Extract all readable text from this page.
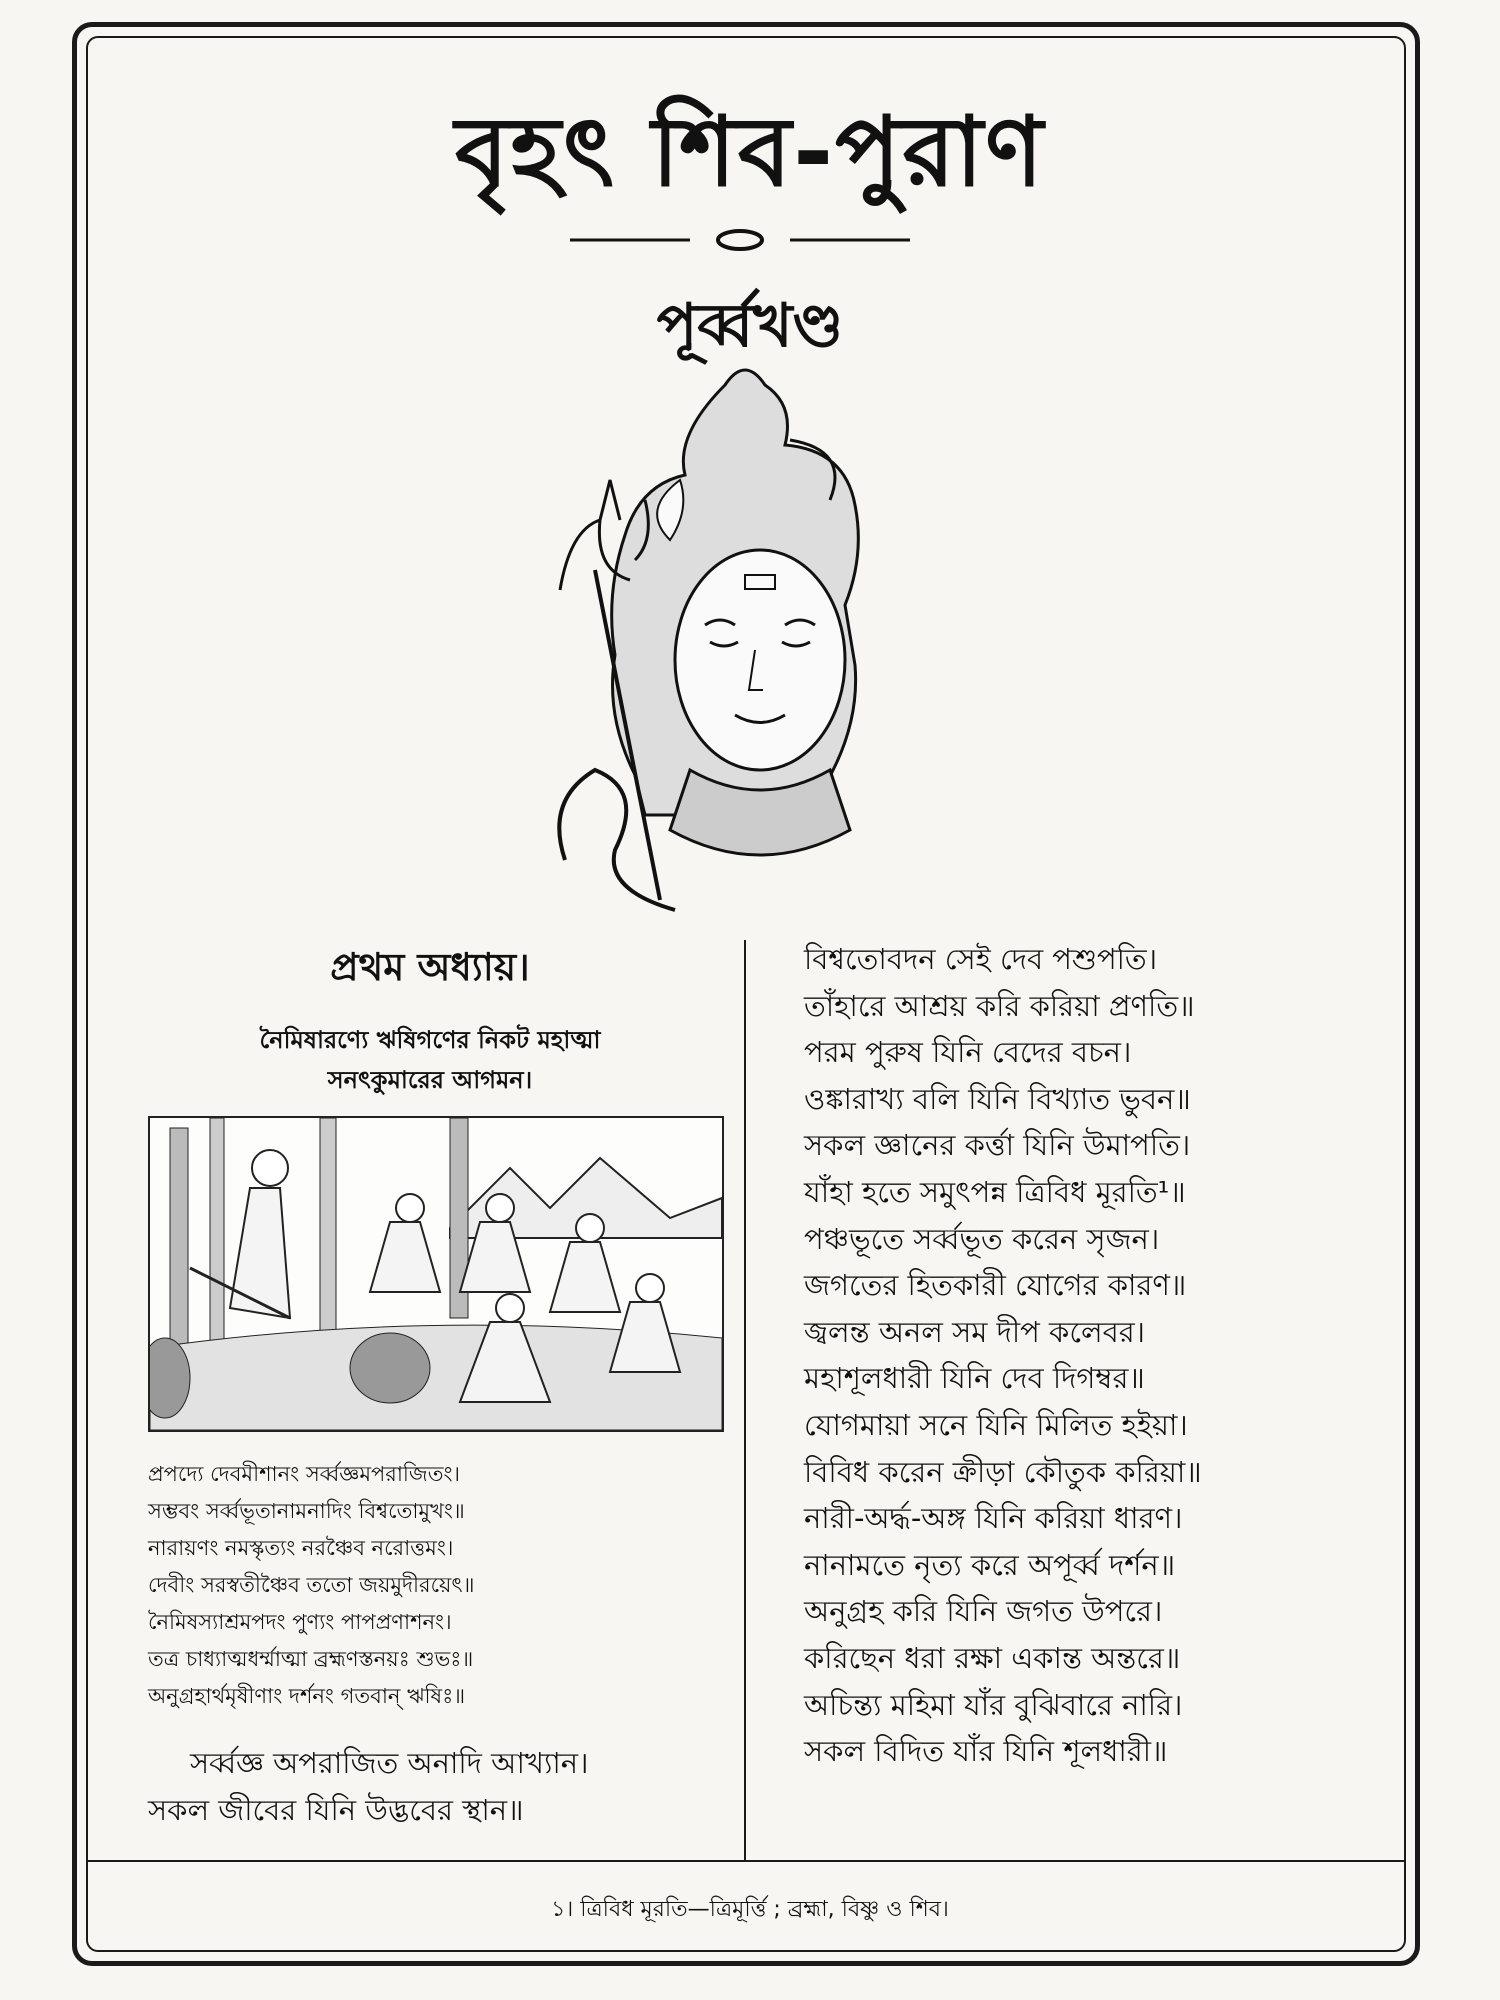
বৃহৎ শিব-পুরাণ
পূর্ব্বখণ্ড
প্রথম অধ্যায়।
নৈমিষারণ্যে ঋষিগণের নিকট মহাত্মা
সনৎকুমারের আগমন।
প্রপদ্যে দেবমীশানং সর্ব্বজ্ঞমপরাজিতং।
সম্ভবং সর্ব্বভূতানামনাদিং বিশ্বতোমুখং॥
নারায়ণং নমস্কৃত্যং নরঞ্চৈব নরোত্তমং।
দেবীং সরস্বতীঞ্চৈব ততো জয়মুদীরয়েৎ॥
নৈমিষস্যাশ্রমপদং পুণ্যং পাপপ্রণাশনং।
তত্র চাধ্যাত্মধর্ম্মাত্মা ব্রহ্মণস্তনয়ঃ শুভঃ॥
অনুগ্রহার্থমৃষীণাং দর্শনং গতবান্ ঋষিঃ॥
সর্ব্বজ্ঞ অপরাজিত অনাদি আখ্যান।
সকল জীবের যিনি উদ্ভবের স্থান॥
বিশ্বতোবদন সেই দেব পশুপতি।
তাঁহারে আশ্রয় করি করিয়া প্রণতি॥
পরম পুরুষ যিনি বেদের বচন।
ওঙ্কারাখ্য বলি যিনি বিখ্যাত ভুবন॥
সকল জ্ঞানের কর্ত্তা যিনি উমাপতি।
যাঁহা হতে সমুৎপন্ন ত্রিবিধ মূরতি¹॥
পঞ্চভূতে সর্ব্বভূত করেন সৃজন।
জগতের হিতকারী যোগের কারণ॥
জ্বলন্ত অনল সম দীপ কলেবর।
মহাশূলধারী যিনি দেব দিগম্বর॥
যোগমায়া সনে যিনি মিলিত হইয়া।
বিবিধ করেন ক্রীড়া কৌতুক করিয়া॥
নারী-অর্দ্ধ-অঙ্গ যিনি করিয়া ধারণ।
নানামতে নৃত্য করে অপূর্ব্ব দর্শন॥
অনুগ্রহ করি যিনি জগত উপরে।
করিছেন ধরা রক্ষা একান্ত অন্তরে॥
অচিন্ত্য মহিমা যাঁর বুঝিবারে নারি।
সকল বিদিত যাঁর যিনি শূলধারী॥
১। ত্রিবিধ মূরতি—ত্রিমূর্ত্তি ; ব্রহ্মা, বিষ্ণু ও শিব।
